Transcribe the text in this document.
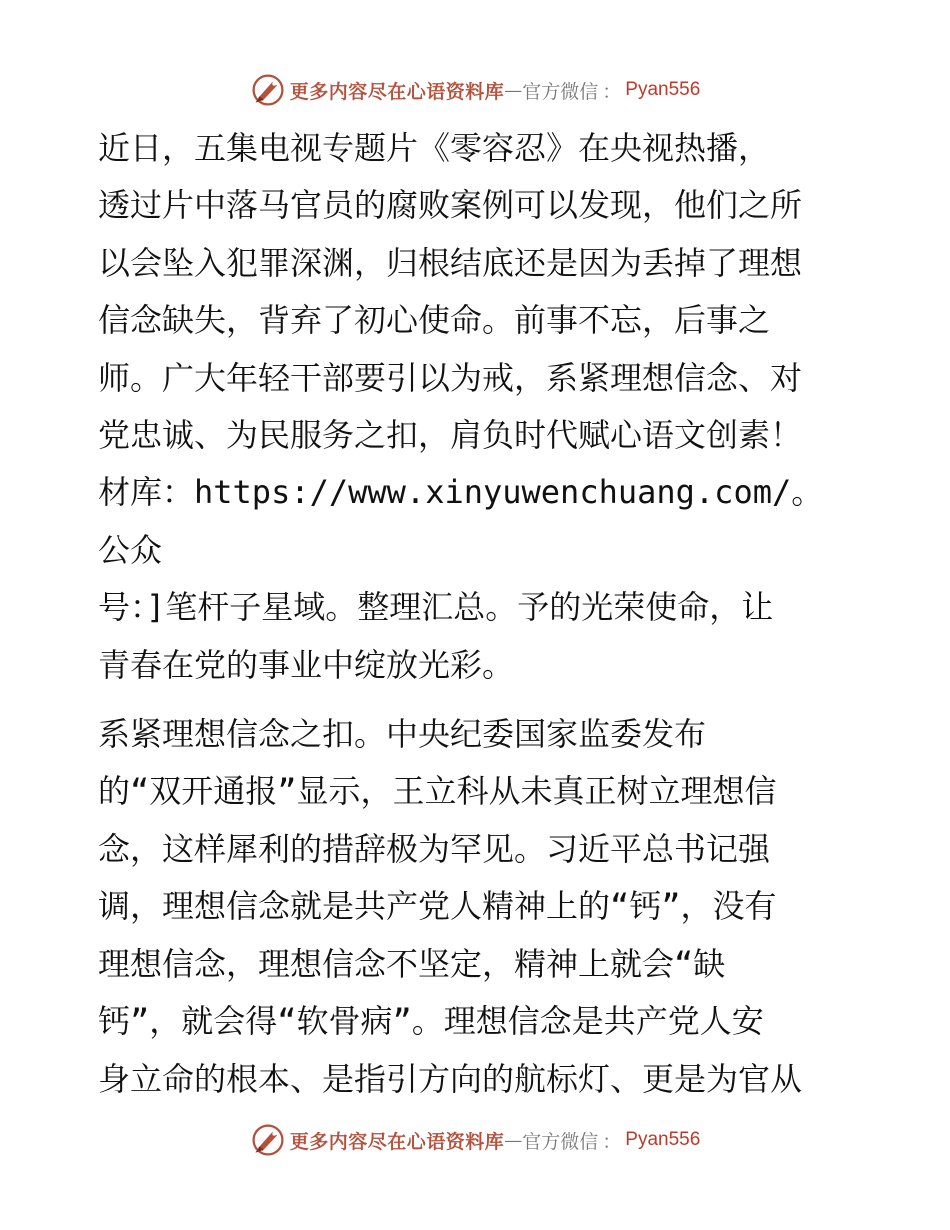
更多内容尽在心语资料库 — 官方微信 ： Pyan556

近日，五集电视专题片《零容忍》在央视热播，
透过片中落马官员的腐败案例可以发现，他们之所
以会坠入犯罪深渊，归根结底还是因为丢掉了理想
信念缺失，背弃了初心使命。前事不忘，后事之
师。广大年轻干部要引以为戒，系紧理想信念、对
党忠诚、为民服务之扣，肩负时代赋心语文创素！
材库：https://www.xinyuwenchuang.com/。公众
号：]笔杆子星域。整理汇总。予的光荣使命，让
青春在党的事业中绽放光彩。

系紧理想信念之扣。中央纪委国家监委发布
的“双开通报”显示，王立科从未真正树立理想信
念，这样犀利的措辞极为罕见。习近平总书记强
调，理想信念就是共产党人精神上的“钙”，没有
理想信念，理想信念不坚定，精神上就会“缺
钙”，就会得“软骨病”。理想信念是共产党人安
身立命的根本、是指引方向的航标灯、更是为官从

更多内容尽在心语资料库 — 官方微信 ： Pyan556
